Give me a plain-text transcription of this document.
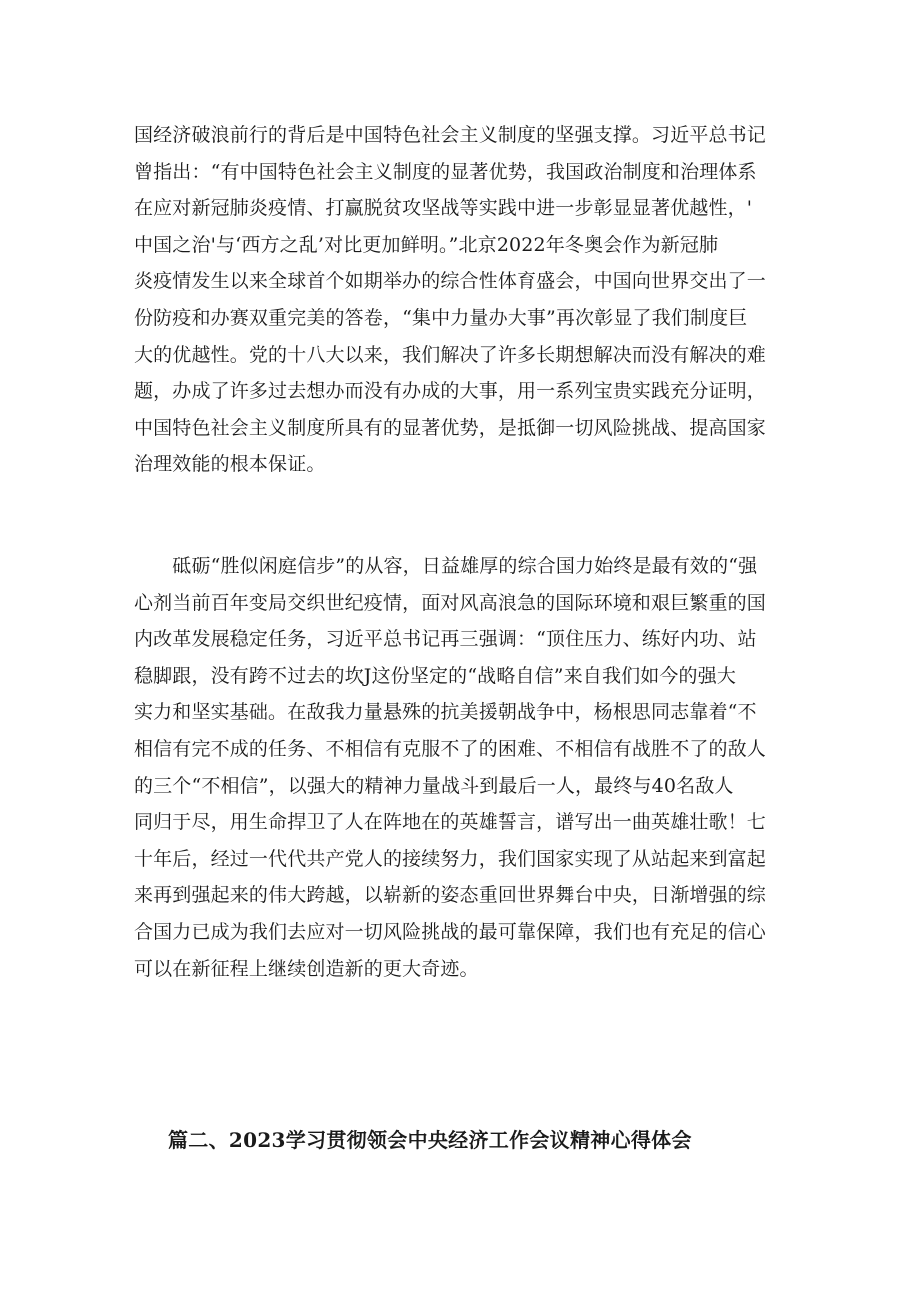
国经济破浪前行的背后是中国特色社会主义制度的坚强支撑。习近平总书记
曾指出：“有中国特色社会主义制度的显著优势，我国政治制度和治理体系
在应对新冠肺炎疫情、打赢脱贫攻坚战等实践中进一步彰显显著优越性，'
中国之治'与‘西方之乱’对比更加鲜明。”北京2022年冬奥会作为新冠肺
炎疫情发生以来全球首个如期举办的综合性体育盛会，中国向世界交出了一
份防疫和办赛双重完美的答卷，“集中力量办大事”再次彰显了我们制度巨
大的优越性。党的十八大以来，我们解决了许多长期想解决而没有解决的难
题，办成了许多过去想办而没有办成的大事，用一系列宝贵实践充分证明，
中国特色社会主义制度所具有的显著优势，是抵御一切风险挑战、提高国家
治理效能的根本保证。
　　砥砺“胜似闲庭信步”的从容，日益雄厚的综合国力始终是最有效的“强
心剂当前百年变局交织世纪疫情，面对风高浪急的国际环境和艰巨繁重的国
内改革发展稳定任务，习近平总书记再三强调：“顶住压力、练好内功、站
稳脚跟，没有跨不过去的坎J这份坚定的“战略自信”来自我们如今的强大
实力和坚实基础。在敌我力量悬殊的抗美援朝战争中，杨根思同志靠着“不
相信有完不成的任务、不相信有克服不了的困难、不相信有战胜不了的敌人
的三个“不相信”，以强大的精神力量战斗到最后一人，最终与40名敌人
同归于尽，用生命捍卫了人在阵地在的英雄誓言，谱写出一曲英雄壮歌！七
十年后，经过一代代共产党人的接续努力，我们国家实现了从站起来到富起
来再到强起来的伟大跨越，以崭新的姿态重回世界舞台中央，日渐增强的综
合国力已成为我们去应对一切风险挑战的最可靠保障，我们也有充足的信心
可以在新征程上继续创造新的更大奇迹。
篇二、2023学习贯彻领会中央经济工作会议精神心得体会
